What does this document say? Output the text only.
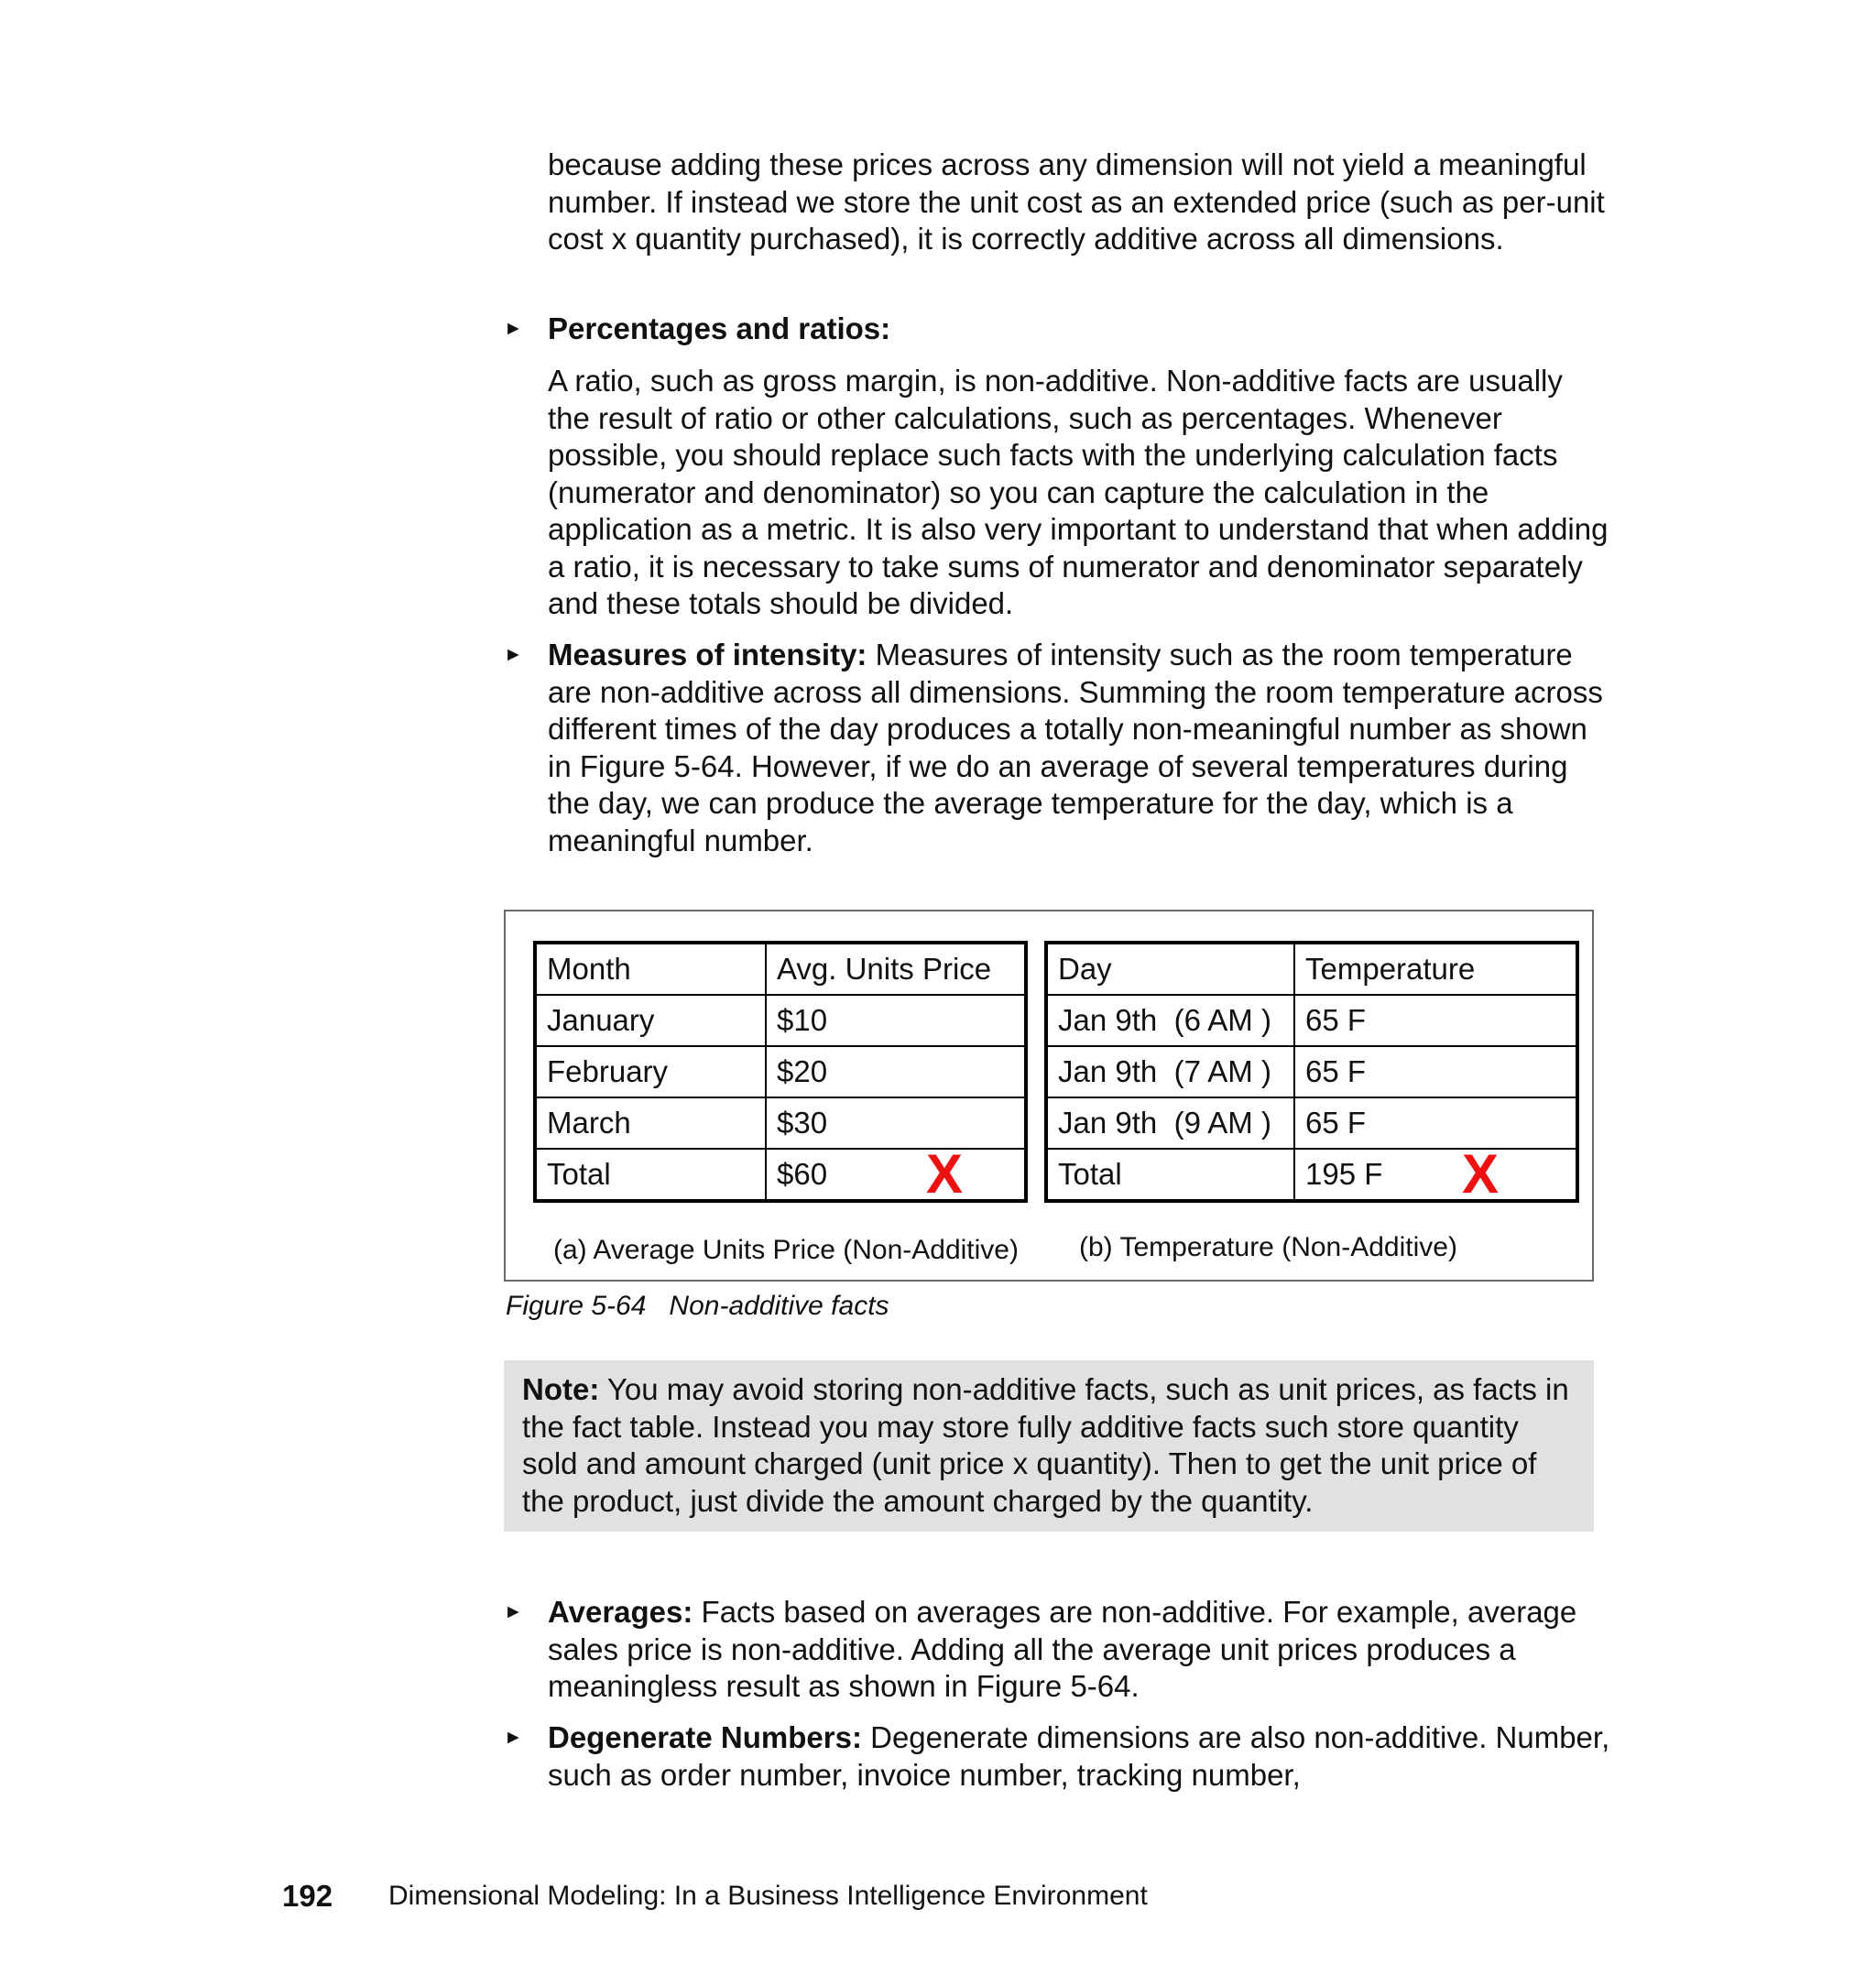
because adding these prices across any dimension will not yield a meaningful number. If instead we store the unit cost as an extended price (such as per-unit cost x quantity purchased), it is correctly additive across all dimensions.

► Percentages and ratios:

A ratio, such as gross margin, is non-additive. Non-additive facts are usually the result of ratio or other calculations, such as percentages. Whenever possible, you should replace such facts with the underlying calculation facts (numerator and denominator) so you can capture the calculation in the application as a metric. It is also very important to understand that when adding a ratio, it is necessary to take sums of numerator and denominator separately and these totals should be divided.

► Measures of intensity: Measures of intensity such as the room temperature are non-additive across all dimensions. Summing the room temperature across different times of the day produces a totally non-meaningful number as shown in Figure 5-64. However, if we do an average of several temperatures during the day, we can produce the average temperature for the day, which is a meaningful number.
Month	Avg. Units Price
January	$10
February	$20
March	$30
Total	$60 X
Day	Temperature
Jan 9th  (6 AM )	65 F
Jan 9th  (7 AM )	65 F
Jan 9th  (9 AM )	65 F
Total	195 F X
(a) Average Units Price (Non-Additive) (b) Temperature (Non-Additive)
Figure 5-64   Non-additive facts
Note: You may avoid storing non-additive facts, such as unit prices, as facts in the fact table. Instead you may store fully additive facts such store quantity sold and amount charged (unit price x quantity). Then to get the unit price of the product, just divide the amount charged by the quantity.
► Averages: Facts based on averages are non-additive. For example, average sales price is non-additive. Adding all the average unit prices produces a meaningless result as shown in Figure 5-64.
► Degenerate Numbers: Degenerate dimensions are also non-additive. Number, such as order number, invoice number, tracking number,
192 Dimensional Modeling: In a Business Intelligence Environment
